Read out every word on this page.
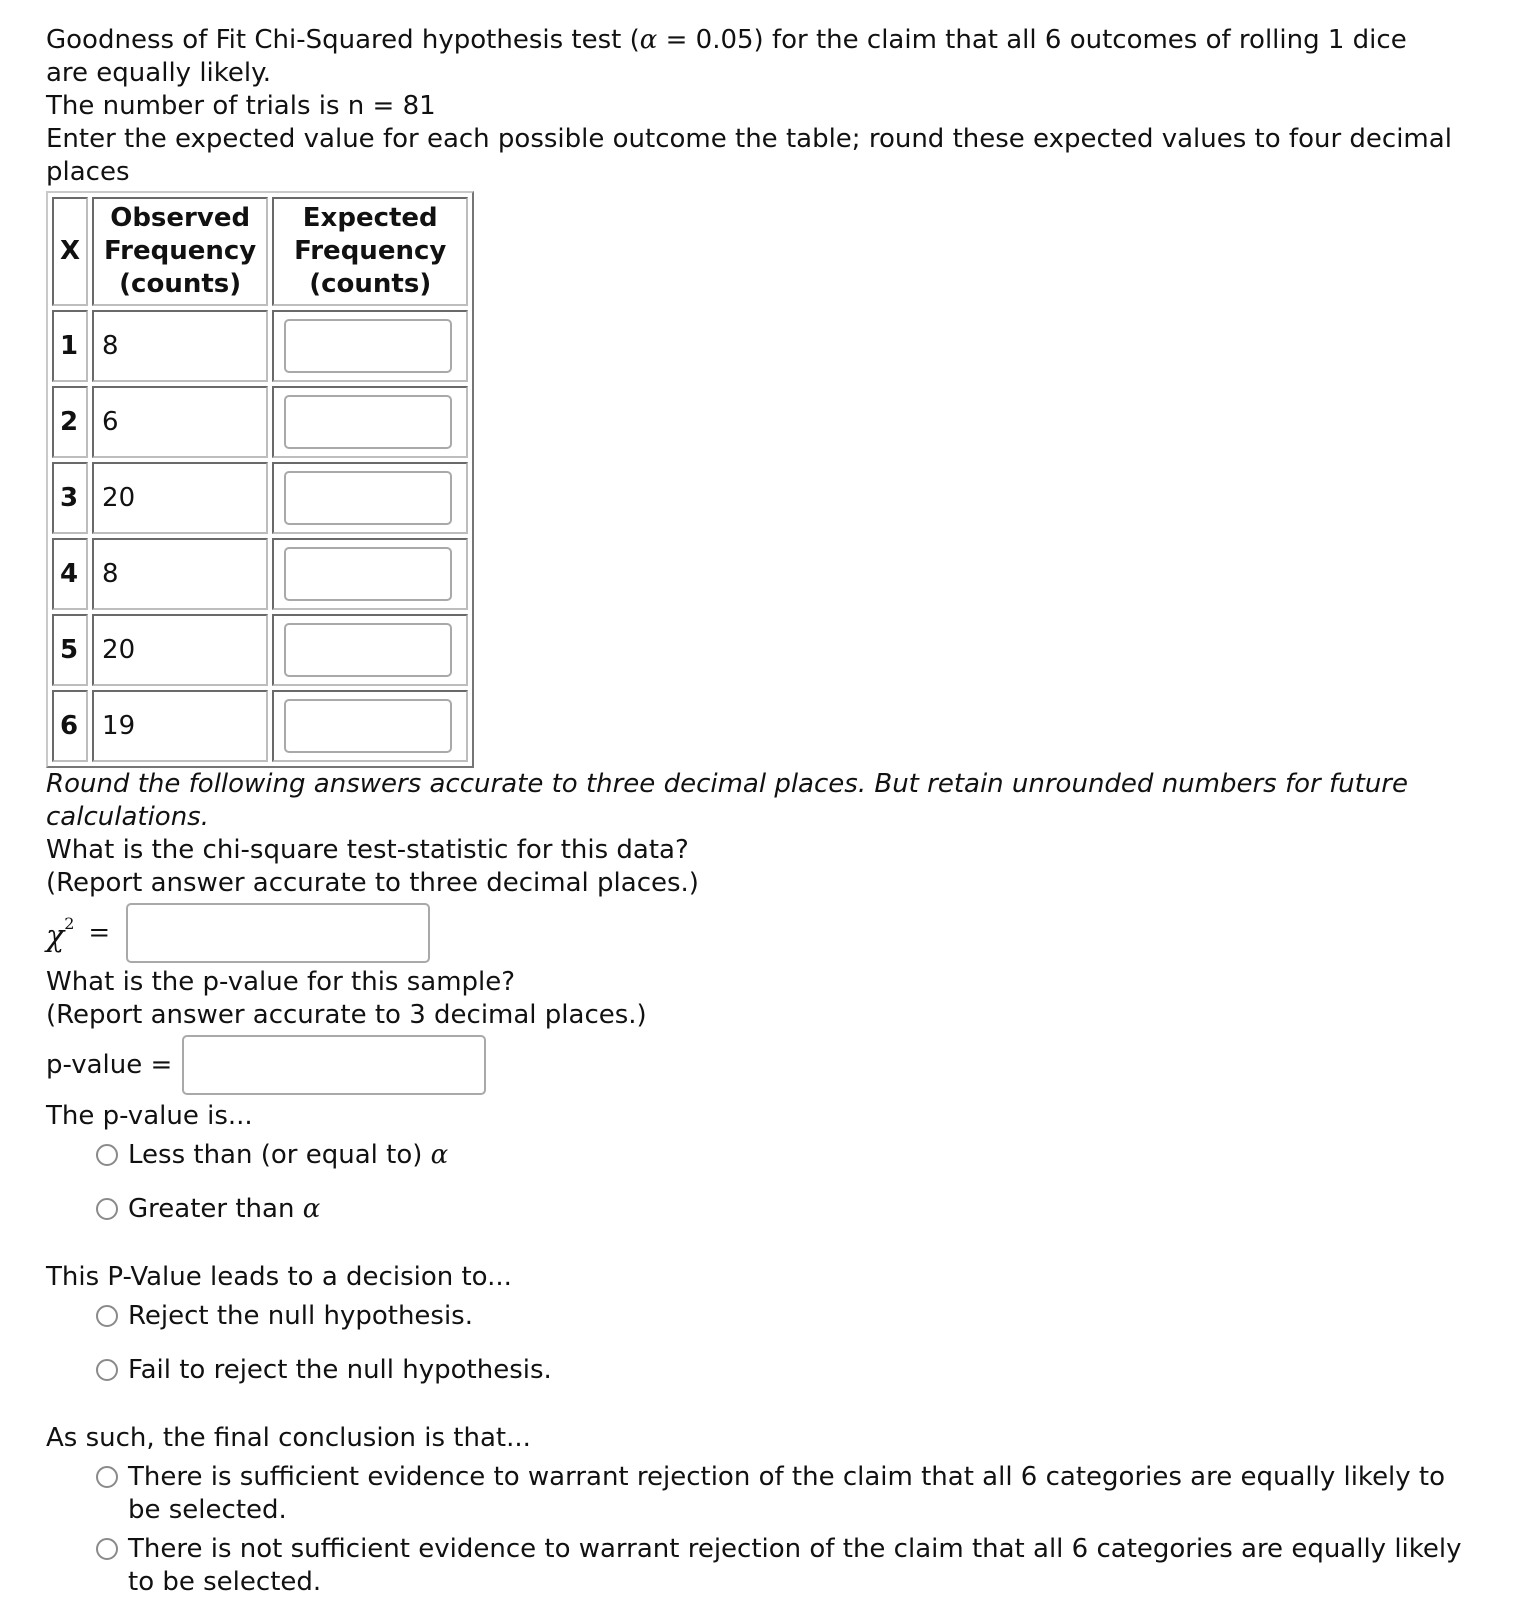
Goodness of Fit Chi-Squared hypothesis test (α = 0.05) for the claim that all 6 outcomes of rolling 1 dice
are equally likely.
The number of trials is n = 81
Enter the expected value for each possible outcome the table; round these expected values to four decimal
places
X	Observed
Frequency
(counts)	Expected
Frequency
(counts)

1	8	

2	6	

3	20	

4	8	

5	20	

6	19	
Round the following answers accurate to three decimal places. But retain unrounded numbers for future
calculations.
What is the chi-square test-statistic for this data?
(Report answer accurate to three decimal places.)
$\chi^2$ =
What is the p-value for this sample?
(Report answer accurate to 3 decimal places.)
p-value =
The p-value is...
Less than (or equal to) α
Greater than α
This P-Value leads to a decision to...
Reject the null hypothesis.
Fail to reject the null hypothesis.
As such, the final conclusion is that...
There is sufficient evidence to warrant rejection of the claim that all 6 categories are equally likely to be selected.
There is not sufficient evidence to warrant rejection of the claim that all 6 categories are equally likely to be selected.
